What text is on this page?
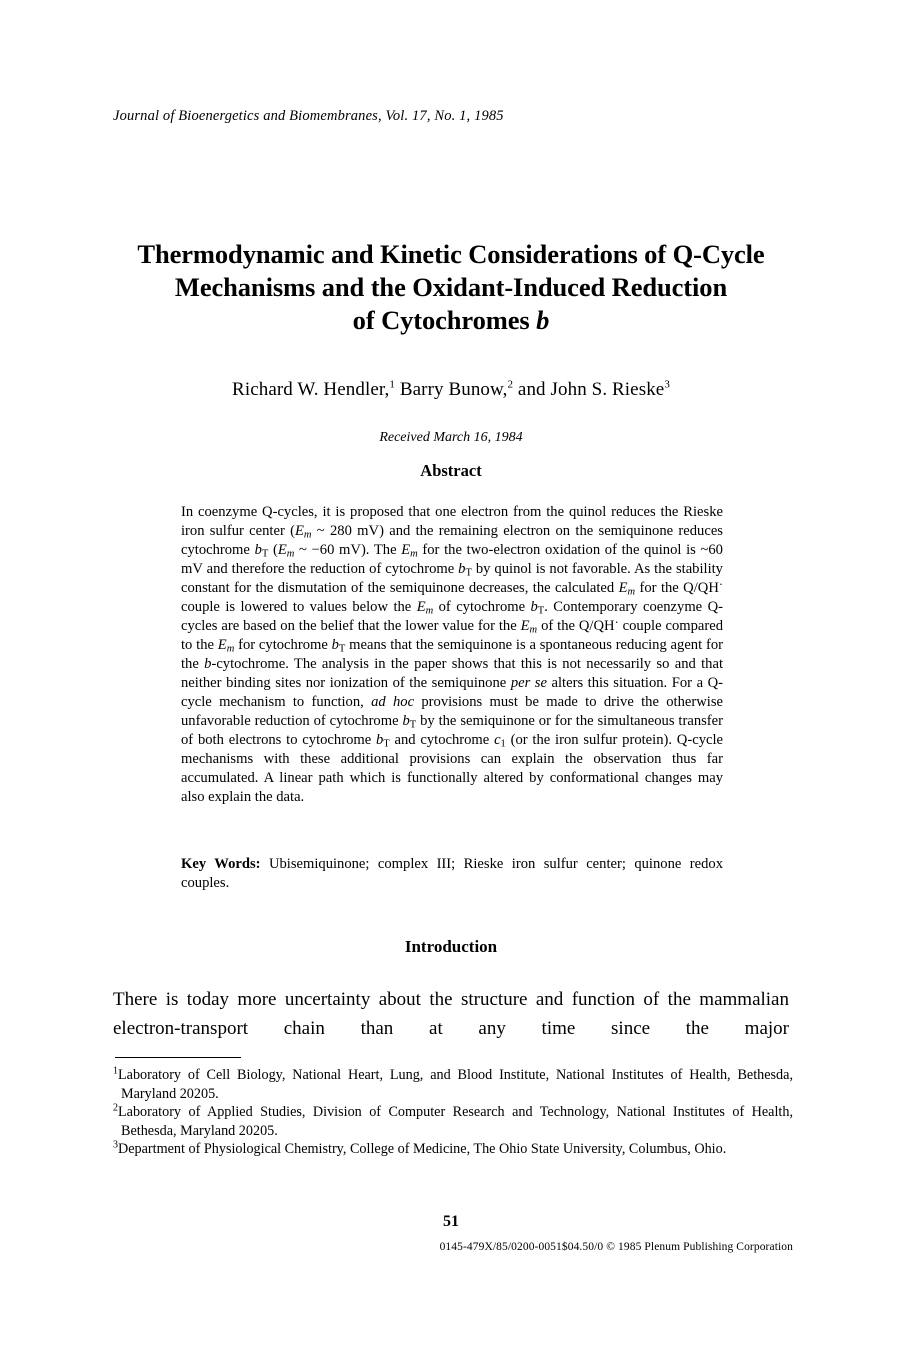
Journal of Bioenergetics and Biomembranes, Vol. 17, No. 1, 1985
Thermodynamic and Kinetic Considerations of Q-Cycle
Mechanisms and the Oxidant-Induced Reduction
of Cytochromes b
Richard W. Hendler,$^1$ Barry Bunow,$^2$ and John S. Rieske$^3$
Received March 16, 1984
Abstract

In coenzyme Q-cycles, it is proposed that one electron from the quinol reduces the Rieske iron sulfur center ($E_m$ ~ 280 mV) and the remaining electron on the semiquinone reduces cytochrome bT ($E_m$ ~ −60 mV). The $E_m$ for the two-electron oxidation of the quinol is ~60 mV and therefore the reduction of cytochrome bT by quinol is not favorable. As the stability constant for the dismutation of the semiquinone decreases, the calculated $E_m$ for the Q/QH· couple is lowered to values below the $E_m$ of cytochrome bT. Contemporary coenzyme Q-cycles are based on the belief that the lower value for the $E_m$ of the Q/QH· couple compared to the $E_m$ for cytochrome bT means that the semiquinone is a spontaneous reducing agent for the b-cytochrome. The analysis in the paper shows that this is not necessarily so and that neither binding sites nor ionization of the semiquinone per se alters this situation. For a Q-cycle mechanism to function, ad hoc provisions must be made to drive the otherwise unfavorable reduction of cytochrome bT by the semiquinone or for the simultaneous transfer of both electrons to cytochrome bT and cytochrome c1 (or the iron sulfur protein). Q-cycle mechanisms with these additional provisions can explain the observation thus far accumulated. A linear path which is functionally altered by conformational changes may also explain the data.

Key Words: Ubisemiquinone; complex III; Rieske iron sulfur center; quinone redox couples.
Introduction

There is today more uncertainty about the structure and function of the mammalian electron-transport chain than at any time since the major

$^1$Laboratory of Cell Biology, National Heart, Lung, and Blood Institute, National Institutes of Health, Bethesda, Maryland 20205.

$^2$Laboratory of Applied Studies, Division of Computer Research and Technology, National Institutes of Health, Bethesda, Maryland 20205.

$^3$Department of Physiological Chemistry, College of Medicine, The Ohio State University, Columbus, Ohio.

51
0145-479X/85/0200-0051$04.50/0 © 1985 Plenum Publishing Corporation
